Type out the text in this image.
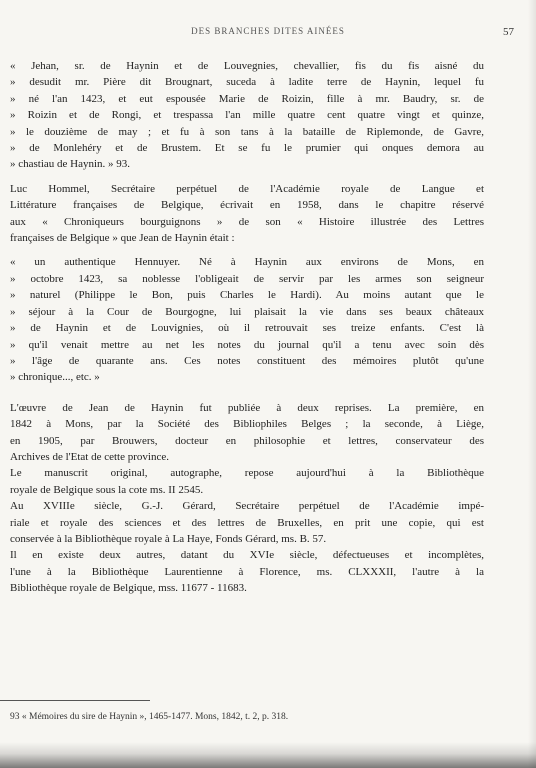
DES BRANCHES DITES AINÉES	57
« Jehan, sr. de Haynin et de Louvegnies, chevallier, fis du fis aisné du
» desudit mr. Pière dit Brougnart, suceda à ladite terre de Haynin, lequel fu
» né l'an 1423, et eut espousée Marie de Roizin, fille à mr. Baudry, sr. de
» Roizin et de Rongi, et trespassa l'an mille quatre cent quatre vingt et quinze,
» le douzième de may ; et fu à son tans à la bataille de Riplemonde, de Gavre,
» de Monlehéry et de Brustem. Et se fu le prumier qui onques demora au
» chastiau de Haynin. » 93.
Luc Hommel, Secrétaire perpétuel de l'Académie royale de Langue et
Littérature françaises de Belgique, écrivait en 1958, dans le chapitre réservé
aux « Chroniqueurs bourguignons » de son « Histoire illustrée des Lettres
françaises de Belgique » que Jean de Haynin était :
« un authentique Hennuyer. Né à Haynin aux environs de Mons, en
» octobre 1423, sa noblesse l'obligeait de servir par les armes son seigneur
» naturel (Philippe le Bon, puis Charles le Hardi). Au moins autant que le
» séjour à la Cour de Bourgogne, lui plaisait la vie dans ses beaux châteaux
» de Haynin et de Louvignies, où il retrouvait ses treize enfants. C'est là
» qu'il venait mettre au net les notes du journal qu'il a tenu avec soin dès
» l'âge de quarante ans. Ces notes constituent des mémoires plutôt qu'une
» chronique..., etc. »
L'œuvre de Jean de Haynin fut publiée à deux reprises. La première, en
1842 à Mons, par la Société des Bibliophiles Belges ; la seconde, à Liège,
en 1905, par Brouwers, docteur en philosophie et lettres, conservateur des
Archives de l'Etat de cette province.
Le manuscrit original, autographe, repose aujourd'hui à la Bibliothèque
royale de Belgique sous la cote ms. II 2545.
Au XVIIIe siècle, G.-J. Gérard, Secrétaire perpétuel de l'Académie impé-
riale et royale des sciences et des lettres de Bruxelles, en prit une copie, qui est
conservée à la Bibliothèque royale à La Haye, Fonds Gérard, ms. B. 57.
Il en existe deux autres, datant du XVIe siècle, défectueuses et incomplètes,
l'une à la Bibliothèque Laurentienne à Florence, ms. CLXXXII, l'autre à la
Bibliothèque royale de Belgique, mss. 11677 - 11683.
93 « Mémoires du sire de Haynin », 1465-1477. Mons, 1842, t. 2, p. 318.
